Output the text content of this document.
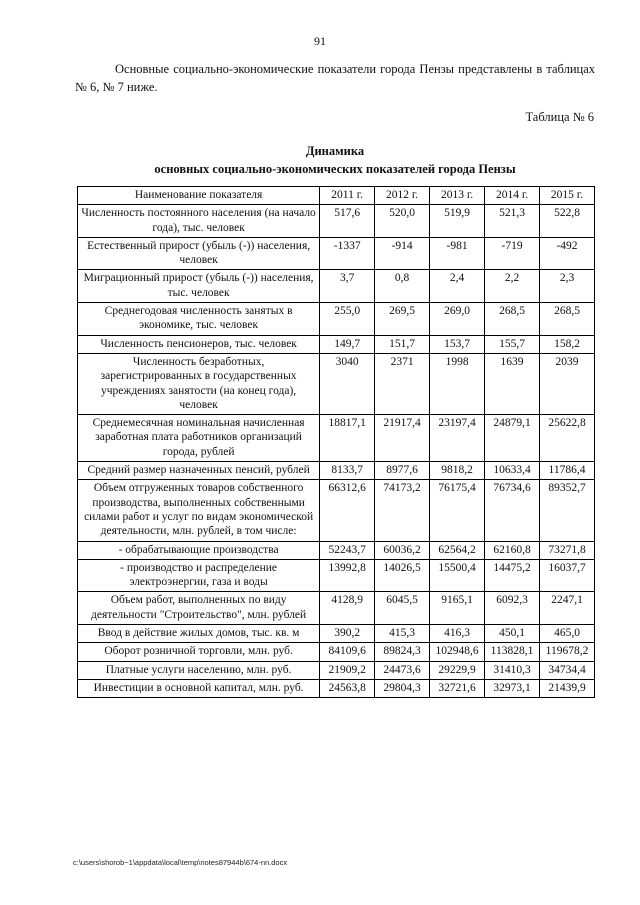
91

Основные социально-экономические показатели города Пензы представлены в таблицах № 6, № 7 ниже.

Таблица № 6
Динамика
основных социально-экономических показателей города Пензы
Наименование показателя	2011 г.	2012 г.	2013 г.	2014 г.	2015 г.
Численность постоянного населения (на начало года), тыс. человек	517,6	520,0	519,9	521,3	522,8
Естественный прирост (убыль (-)) населения, человек	-1337	-914	-981	-719	-492
Миграционный прирост (убыль (-)) населения, тыс. человек	3,7	0,8	2,4	2,2	2,3
Среднегодовая численность занятых в экономике, тыс. человек	255,0	269,5	269,0	268,5	268,5
Численность пенсионеров, тыс. человек	149,7	151,7	153,7	155,7	158,2
Численность безработных, зарегистрированных в государственных учреждениях занятости (на конец года), человек	3040	2371	1998	1639	2039
Среднемесячная номинальная начисленная заработная плата работников организаций города, рублей	18817,1	21917,4	23197,4	24879,1	25622,8
Средний размер назначенных пенсий, рублей	8133,7	8977,6	9818,2	10633,4	11786,4
Объем отгруженных товаров собственного производства, выполненных собственными силами работ и услуг по видам экономической деятельности, млн. рублей, в том числе:	66312,6	74173,2	76175,4	76734,6	89352,7
- обрабатывающие производства	52243,7	60036,2	62564,2	62160,8	73271,8
- производство и распределение электроэнергии, газа и воды	13992,8	14026,5	15500,4	14475,2	16037,7
Объем работ, выполненных по виду деятельности "Строительство", млн. рублей	4128,9	6045,5	9165,1	6092,3	2247,1
Ввод в действие жилых домов, тыс. кв. м	390,2	415,3	416,3	450,1	465,0
Оборот розничной торговли, млн. руб.	84109,6	89824,3	102948,6	113828,1	119678,2
Платные услуги населению, млн. руб.	21909,2	24473,6	29229,9	31410,3	34734,4
Инвестиции в основной капитал, млн. руб.	24563,8	29804,3	32721,6	32973,1	21439,9
c:\users\shorob~1\appdata\local\temp\notes87944b\674-nn.docx
